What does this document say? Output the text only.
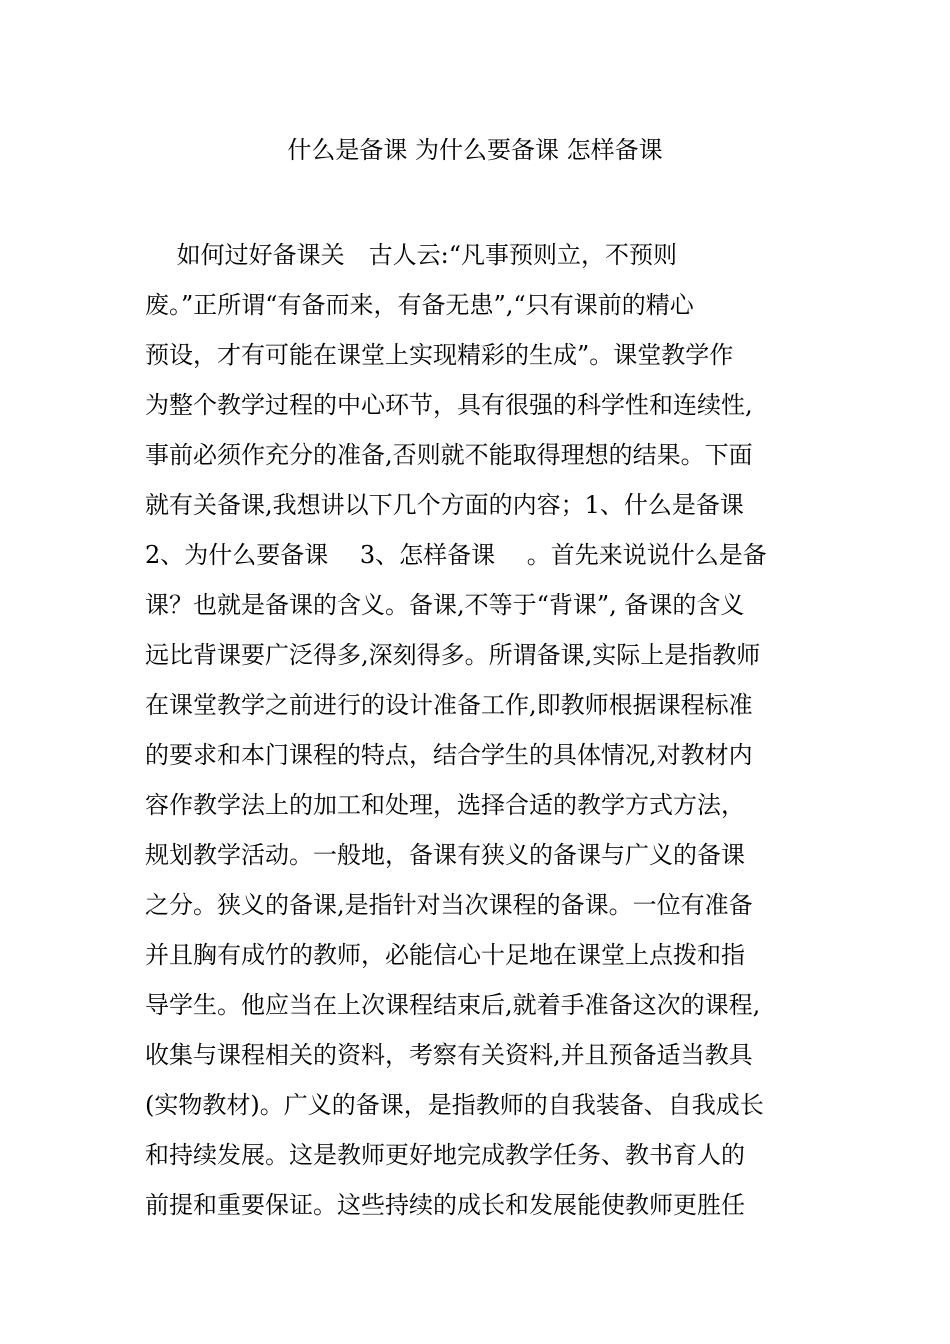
什么是备课 为什么要备课 怎样备课
　 如何过好备课关　古人云:“凡事预则立，不预则
废。”正所谓“有备而来，有备无患”,“只有课前的精心
预设，才有可能在课堂上实现精彩的生成”。课堂教学作
为整个教学过程的中心环节，具有很强的科学性和连续性,
事前必须作充分的准备,否则就不能取得理想的结果。下面
就有关备课,我想讲以下几个方面的内容；1、什么是备课
2、为什么要备课　 3、怎样备课　 。首先来说说什么是备
课？也就是备课的含义。备课,不等于“背课”, 备课的含义
远比背课要广泛得多,深刻得多。所谓备课,实际上是指教师
在课堂教学之前进行的设计准备工作,即教师根据课程标准
的要求和本门课程的特点，结合学生的具体情况,对教材内
容作教学法上的加工和处理，选择合适的教学方式方法，
规划教学活动。一般地，备课有狭义的备课与广义的备课
之分。狭义的备课,是指针对当次课程的备课。一位有准备
并且胸有成竹的教师，必能信心十足地在课堂上点拨和指
导学生。他应当在上次课程结束后,就着手准备这次的课程,
收集与课程相关的资料，考察有关资料,并且预备适当教具
(实物教材)。广义的备课，是指教师的自我装备、自我成长
和持续发展。这是教师更好地完成教学任务、教书育人的
前提和重要保证。这些持续的成长和发展能使教师更胜任
